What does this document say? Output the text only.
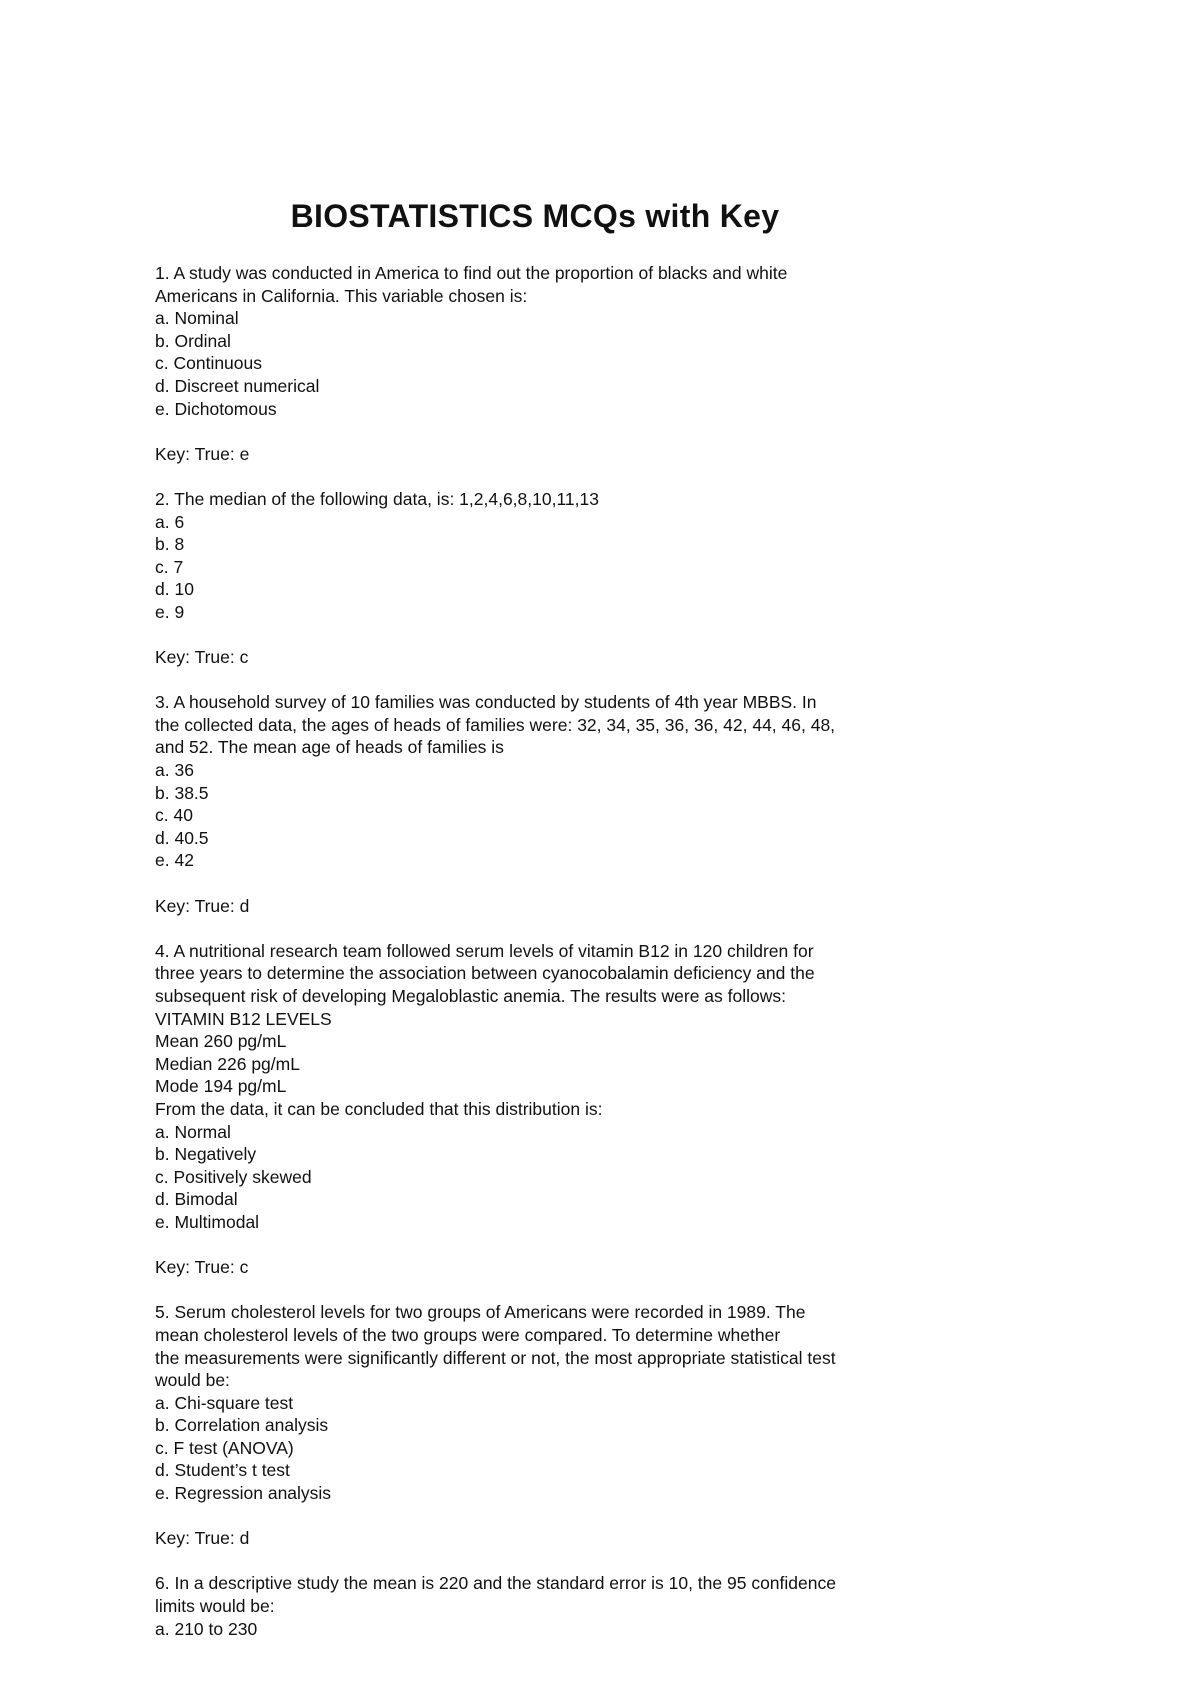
BIOSTATISTICS MCQs with Key
1. A study was conducted in America to find out the proportion of blacks and white
Americans in California. This variable chosen is:
a. Nominal
b. Ordinal
c. Continuous
d. Discreet numerical
e. Dichotomous
Key: True: e
2. The median of the following data, is: 1,2,4,6,8,10,11,13
a. 6
b. 8
c. 7
d. 10
e. 9
Key: True: c
3. A household survey of 10 families was conducted by students of 4th year MBBS. In
the collected data, the ages of heads of families were: 32, 34, 35, 36, 36, 42, 44, 46, 48,
and 52. The mean age of heads of families is
a. 36
b. 38.5
c. 40
d. 40.5
e. 42
Key: True: d
4. A nutritional research team followed serum levels of vitamin B12 in 120 children for
three years to determine the association between cyanocobalamin deficiency and the
subsequent risk of developing Megaloblastic anemia. The results were as follows:
VITAMIN B12 LEVELS
Mean 260 pg/mL
Median 226 pg/mL
Mode 194 pg/mL
From the data, it can be concluded that this distribution is:
a. Normal
b. Negatively
c. Positively skewed
d. Bimodal
e. Multimodal
Key: True: c
5. Serum cholesterol levels for two groups of Americans were recorded in 1989. The
mean cholesterol levels of the two groups were compared. To determine whether
the measurements were significantly different or not, the most appropriate statistical test
would be:
a. Chi-square test
b. Correlation analysis
c. F test (ANOVA)
d. Student’s t test
e. Regression analysis
Key: True: d
6. In a descriptive study the mean is 220 and the standard error is 10, the 95 confidence
limits would be:
a. 210 to 230
